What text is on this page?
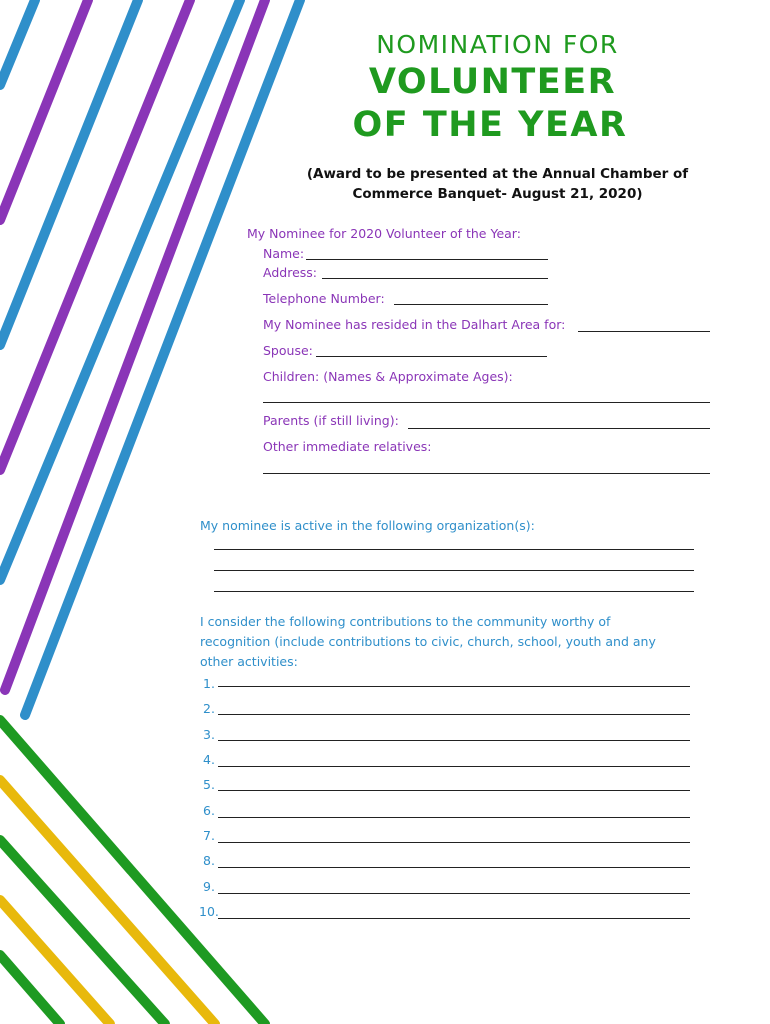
NOMINATION FOR
VOLUNTEER
OF THE YEAR
(Award to be presented at the Annual Chamber of
Commerce Banquet- August 21, 2020)
My Nominee for 2020 Volunteer of the Year:
Name:
Address:
Telephone Number:
My Nominee has resided in the Dalhart Area for:
Spouse:
Children: (Names & Approximate Ages):
Parents (if still living):
Other immediate relatives:
My nominee is active in the following organization(s):
I consider the following contributions to the community worthy of
recognition (include contributions to civic, church, school, youth and any
other activities:
1.
2.
3.
4.
5.
6.
7.
8.
9.
10.
